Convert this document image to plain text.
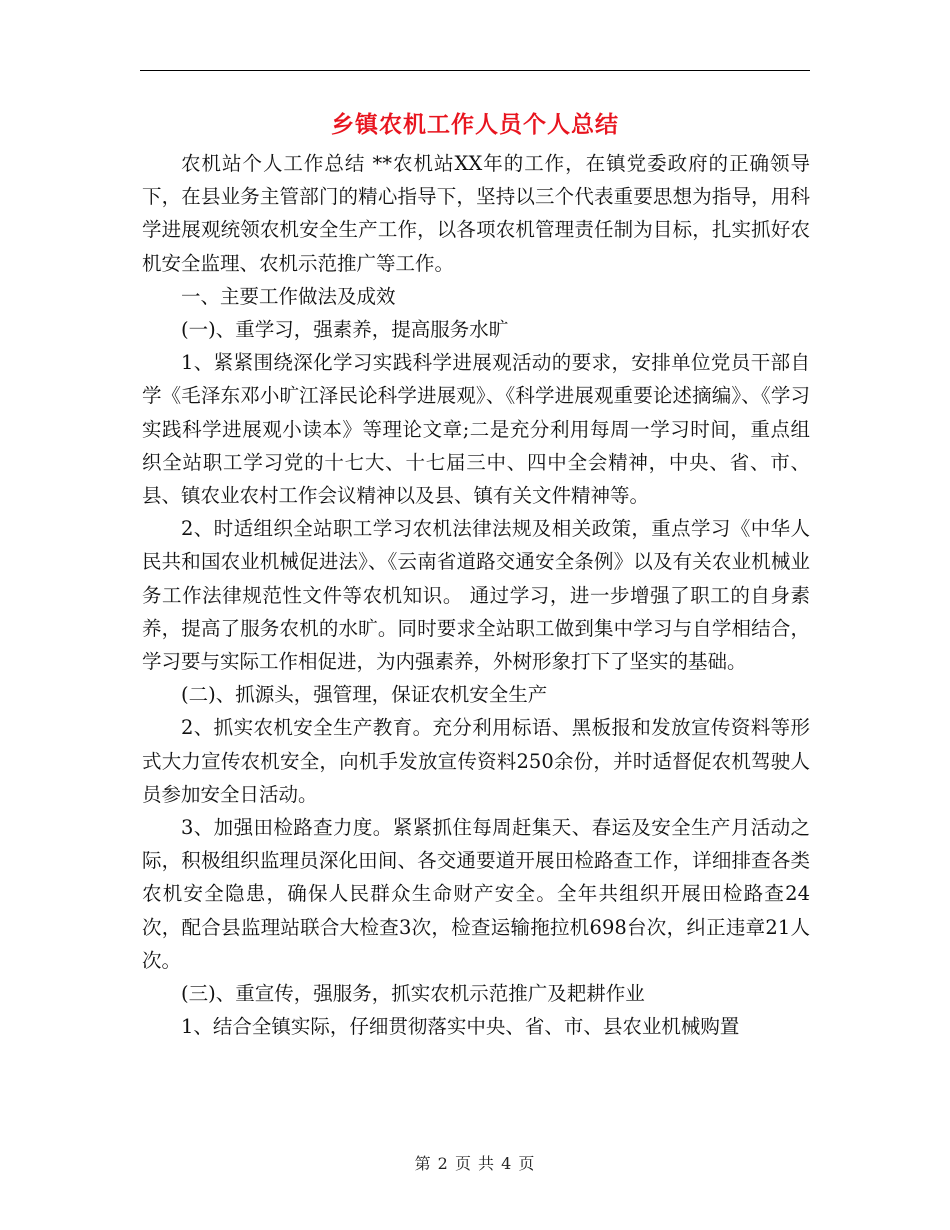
乡镇农机工作人员个人总结

农机站个人工作总结 **农机站XX年的工作，在镇党委政府的正确领导下，在县业务主管部门的精心指导下，坚持以三个代表重要思想为指导，用科学进展观统领农机安全生产工作，以各项农机管理责任制为目标，扎实抓好农机安全监理、农机示范推广等工作。

一、主要工作做法及成效

(一)、重学习，强素养，提高服务水旷

1、紧紧围绕深化学习实践科学进展观活动的要求，安排单位党员干部自学《毛泽东邓小旷江泽民论科学进展观》、《科学进展观重要论述摘编》、《学习实践科学进展观小读本》等理论文章;二是充分利用每周一学习时间，重点组织全站职工学习党的十七大、十七届三中、四中全会精神，中央、省、市、县、镇农业农村工作会议精神以及县、镇有关文件精神等。

2、时适组织全站职工学习农机法律法规及相关政策，重点学习《中华人民共和国农业机械促进法》、《云南省道路交通安全条例》以及有关农业机械业务工作法律规范性文件等农机知识。 通过学习，进一步增强了职工的自身素养，提高了服务农机的水旷。同时要求全站职工做到集中学习与自学相结合，学习要与实际工作相促进，为内强素养，外树形象打下了坚实的基础。

(二)、抓源头，强管理，保证农机安全生产

2、抓实农机安全生产教育。充分利用标语、黑板报和发放宣传资料等形式大力宣传农机安全，向机手发放宣传资料250余份，并时适督促农机驾驶人员参加安全日活动。

3、加强田检路查力度。紧紧抓住每周赶集天、春运及安全生产月活动之际，积极组织监理员深化田间、各交通要道开展田检路查工作，详细排查各类农机安全隐患，确保人民群众生命财产安全。全年共组织开展田检路查24次，配合县监理站联合大检查3次，检查运输拖拉机698台次，纠正违章21人次。

(三)、重宣传，强服务，抓实农机示范推广及耙耕作业

1、结合全镇实际，仔细贯彻落实中央、省、市、县农业机械购置

第 2 页 共 4 页
